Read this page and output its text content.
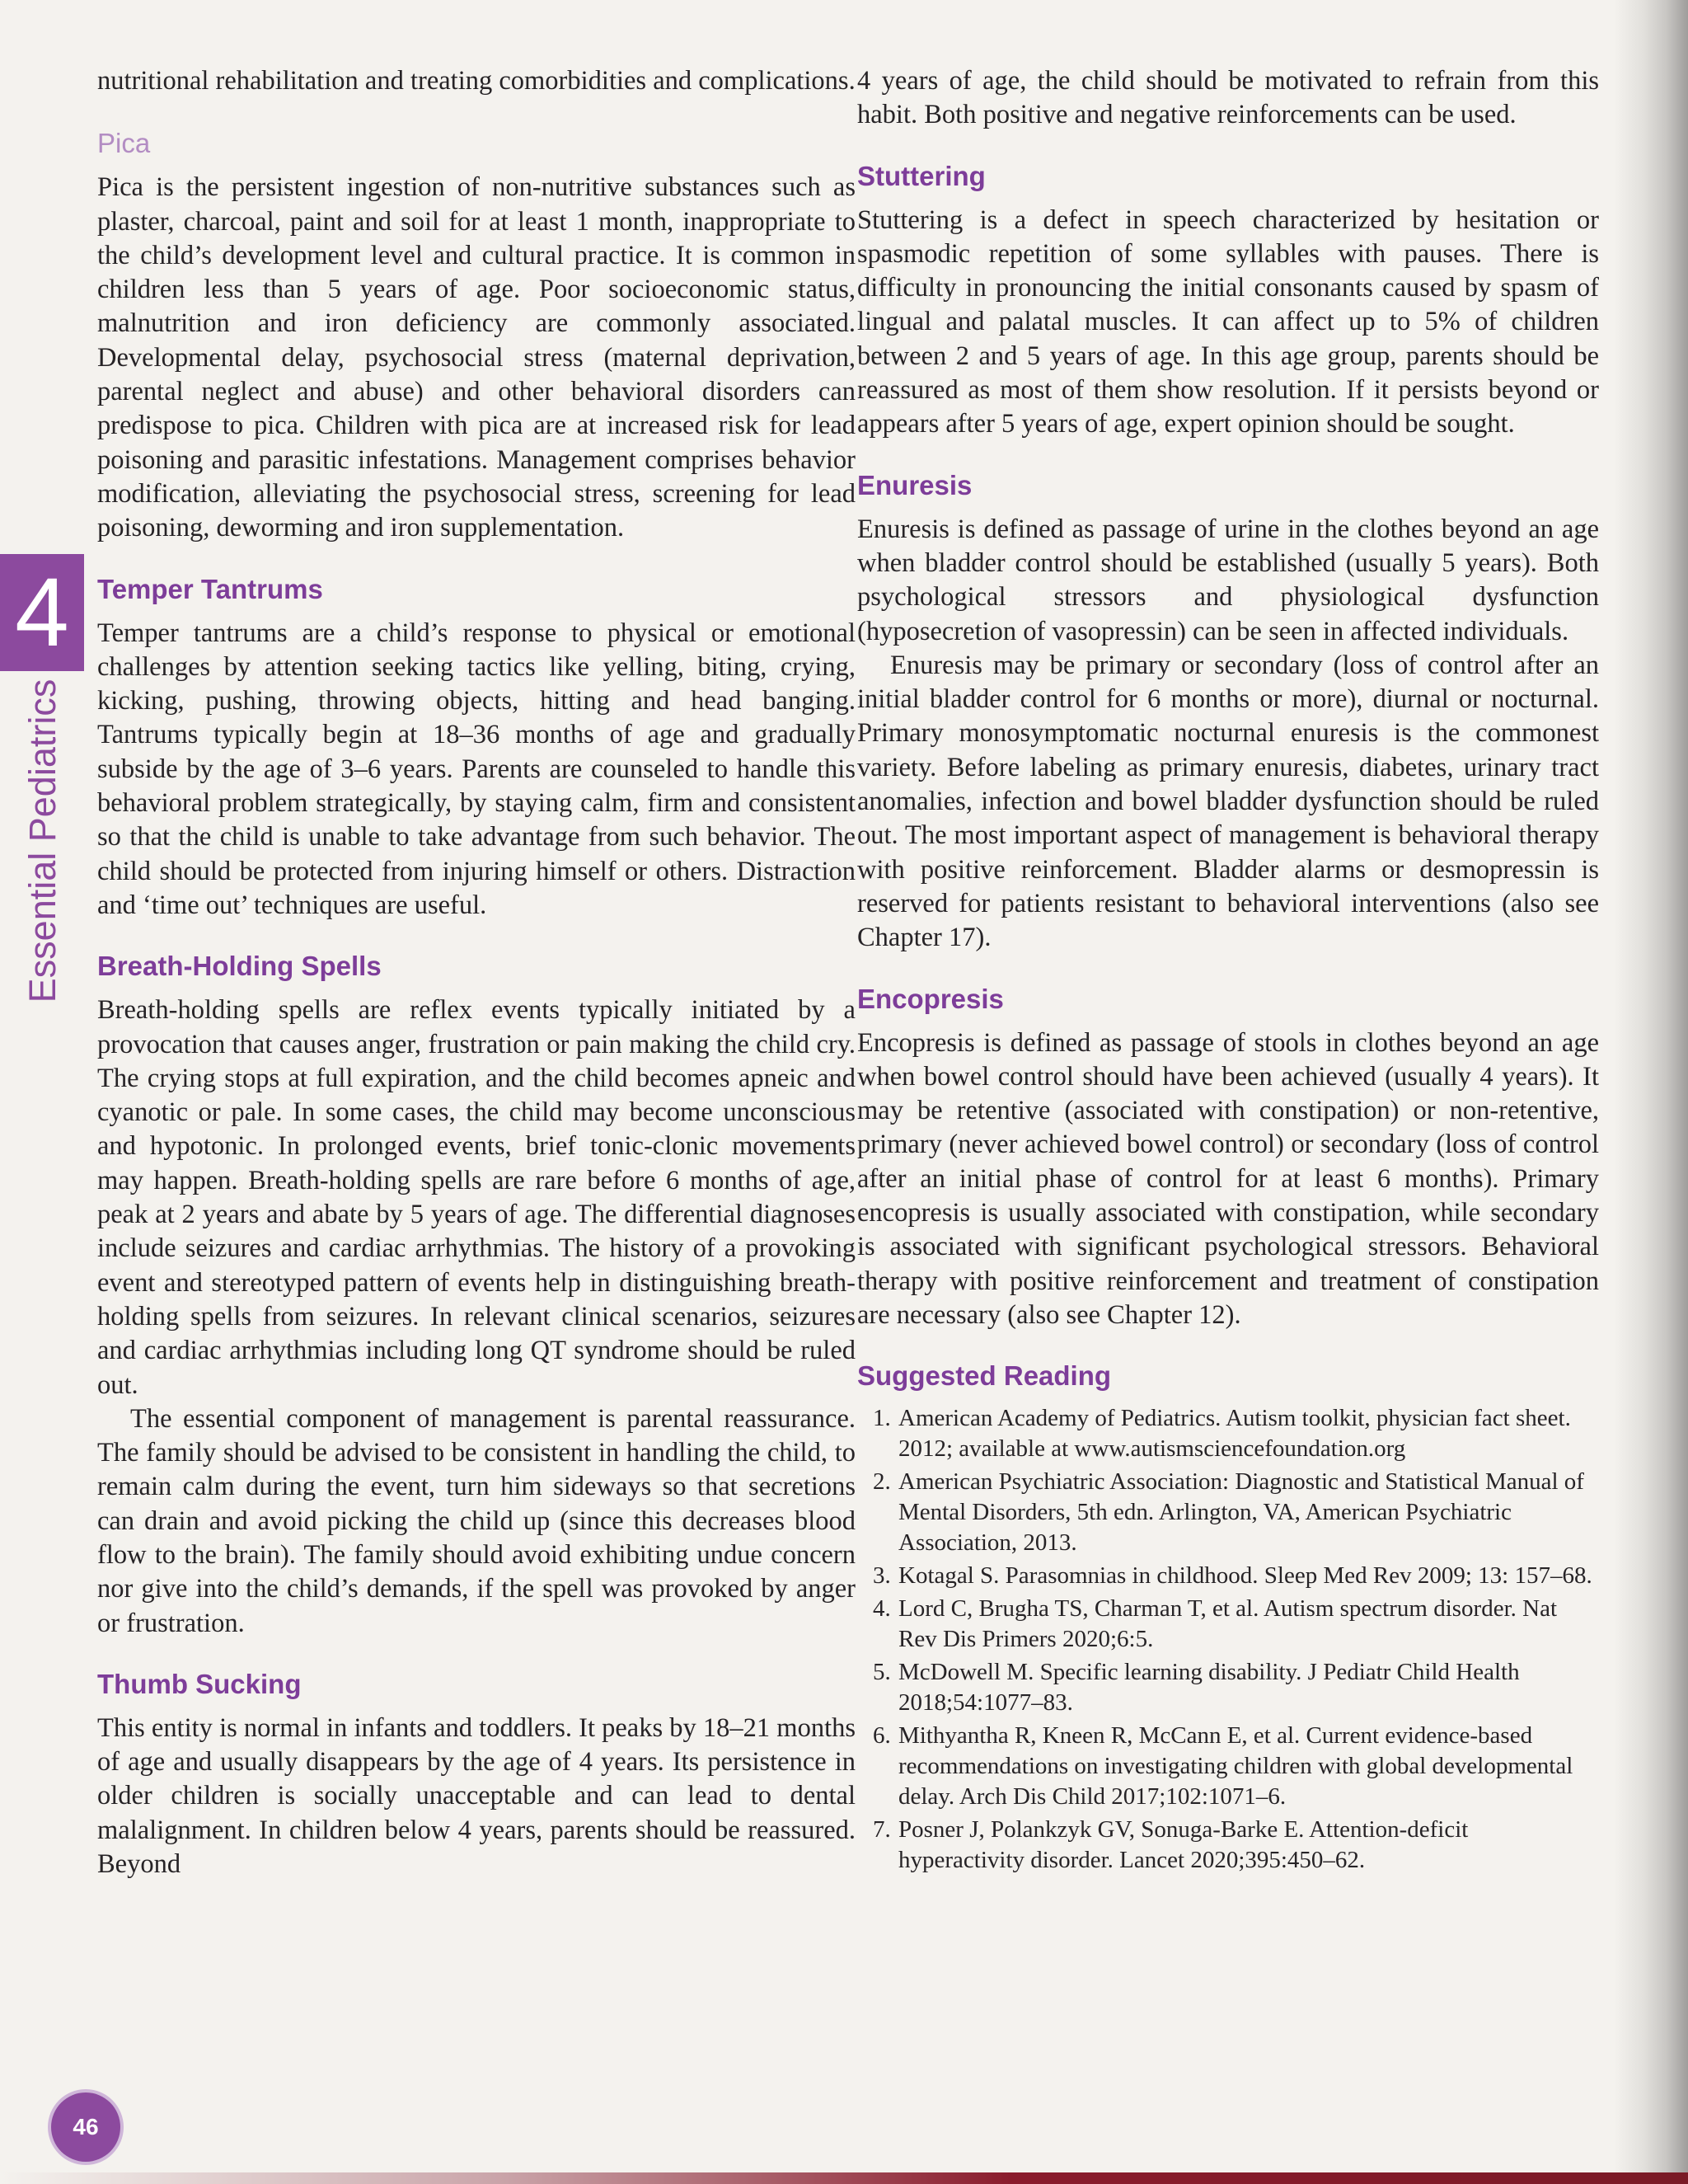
4
Essential Pediatrics
46

nutritional rehabilitation and treating comorbidities and complications.

Pica

Pica is the persistent ingestion of non-nutritive substances such as plaster, charcoal, paint and soil for at least 1 month, inappropriate to the child’s development level and cultural practice. It is common in children less than 5 years of age. Poor socioeconomic status, malnutrition and iron deficiency are commonly associated. Developmental delay, psychosocial stress (maternal deprivation, parental neglect and abuse) and other behavioral disorders can predispose to pica. Children with pica are at increased risk for lead poisoning and parasitic infestations. Management comprises behavior modification, alleviating the psychosocial stress, screening for lead poisoning, deworming and iron supplementation.

Temper Tantrums

Temper tantrums are a child’s response to physical or emotional challenges by attention seeking tactics like yelling, biting, crying, kicking, pushing, throwing objects, hitting and head banging. Tantrums typically begin at 18–36 months of age and gradually subside by the age of 3–6 years. Parents are counseled to handle this behavioral problem strategically, by staying calm, firm and consistent so that the child is unable to take advantage from such behavior. The child should be protected from injuring himself or others. Distraction and ‘time out’ techniques are useful.

Breath-Holding Spells

Breath-holding spells are reflex events typically initiated by a provocation that causes anger, frustration or pain making the child cry. The crying stops at full expiration, and the child becomes apneic and cyanotic or pale. In some cases, the child may become unconscious and hypotonic. In prolonged events, brief tonic-clonic movements may happen. Breath-holding spells are rare before 6 months of age, peak at 2 years and abate by 5 years of age. The differential diagnoses include seizures and cardiac arrhythmias. The history of a provoking event and stereotyped pattern of events help in distinguishing breath-holding spells from seizures. In relevant clinical scenarios, seizures and cardiac arrhythmias including long QT syndrome should be ruled out.

The essential component of management is parental reassurance. The family should be advised to be consistent in handling the child, to remain calm during the event, turn him sideways so that secretions can drain and avoid picking the child up (since this decreases blood flow to the brain). The family should avoid exhibiting undue concern nor give into the child’s demands, if the spell was provoked by anger or frustration.

Thumb Sucking

This entity is normal in infants and toddlers. It peaks by 18–21 months of age and usually disappears by the age of 4 years. Its persistence in older children is socially unacceptable and can lead to dental malalignment. In children below 4 years, parents should be reassured. Beyond

4 years of age, the child should be motivated to refrain from this habit. Both positive and negative reinforcements can be used.

Stuttering

Stuttering is a defect in speech characterized by hesitation or spasmodic repetition of some syllables with pauses. There is difficulty in pronouncing the initial consonants caused by spasm of lingual and palatal muscles. It can affect up to 5% of children between 2 and 5 years of age. In this age group, parents should be reassured as most of them show resolution. If it persists beyond or appears after 5 years of age, expert opinion should be sought.

Enuresis

Enuresis is defined as passage of urine in the clothes beyond an age when bladder control should be established (usually 5 years). Both psychological stressors and physiological dysfunction (hyposecretion of vasopressin) can be seen in affected individuals.

Enuresis may be primary or secondary (loss of control after an initial bladder control for 6 months or more), diurnal or nocturnal. Primary monosymptomatic nocturnal enuresis is the commonest variety. Before labeling as primary enuresis, diabetes, urinary tract anomalies, infection and bowel bladder dysfunction should be ruled out. The most important aspect of management is behavioral therapy with positive reinforcement. Bladder alarms or desmopressin is reserved for patients resistant to behavioral interventions (also see Chapter 17).

Encopresis

Encopresis is defined as passage of stools in clothes beyond an age when bowel control should have been achieved (usually 4 years). It may be retentive (associated with constipation) or non-retentive, primary (never achieved bowel control) or secondary (loss of control after an initial phase of control for at least 6 months). Primary encopresis is usually associated with constipation, while secondary is associated with significant psychological stressors. Behavioral therapy with positive reinforcement and treatment of constipation are necessary (also see Chapter 12).

Suggested Reading
1. American Academy of Pediatrics. Autism toolkit, physician fact sheet. 2012; available at www.autismsciencefoundation.org
2. American Psychiatric Association: Diagnostic and Statistical Manual of Mental Disorders, 5th edn. Arlington, VA, American Psychiatric Association, 2013.
3. Kotagal S. Parasomnias in childhood. Sleep Med Rev 2009; 13: 157–68.
4. Lord C, Brugha TS, Charman T, et al. Autism spectrum disorder. Nat Rev Dis Primers 2020;6:5.
5. McDowell M. Specific learning disability. J Pediatr Child Health 2018;54:1077–83.
6. Mithyantha R, Kneen R, McCann E, et al. Current evidence-based recommendations on investigating children with global developmental delay. Arch Dis Child 2017;102:1071–6.
7. Posner J, Polankzyk GV, Sonuga-Barke E. Attention-deficit hyperactivity disorder. Lancet 2020;395:450–62.
